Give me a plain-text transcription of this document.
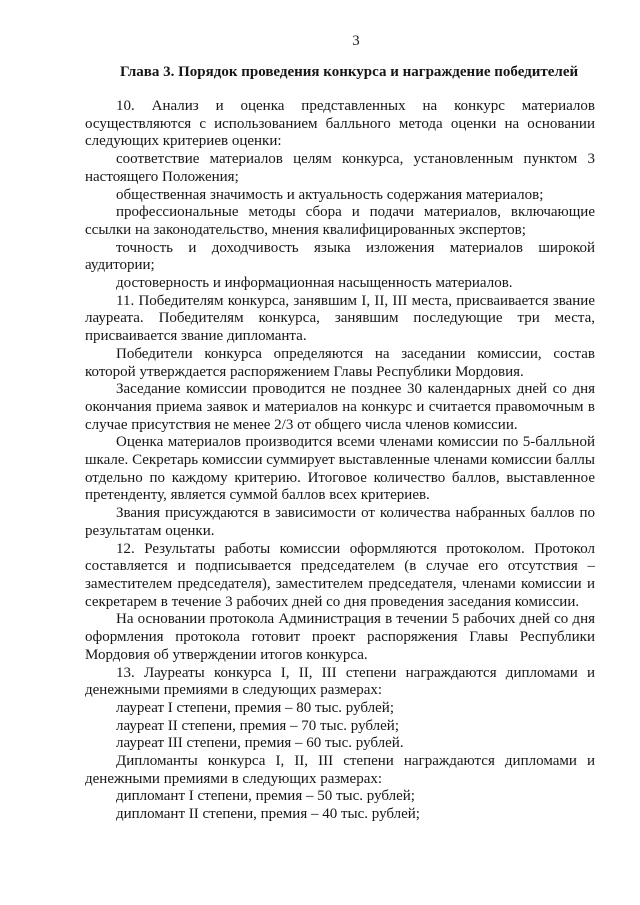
3
Глава 3. Порядок проведения конкурса и награждение победителей

10. Анализ и оценка представленных на конкурс материалов осуществляются с использованием балльного метода оценки на основании следующих критериев оценки:

соответствие материалов целям конкурса, установленным пунктом 3 настоящего Положения;

общественная значимость и актуальность содержания материалов;

профессиональные методы сбора и подачи материалов, включающие ссылки на законодательство, мнения квалифицированных экспертов;

точность и доходчивость языка изложения материалов широкой аудитории;

достоверность и информационная насыщенность материалов.

11. Победителям конкурса, занявшим I, II, III места, присваивается звание лауреата. Победителям конкурса, занявшим последующие три места, присваивается звание дипломанта.

Победители конкурса определяются на заседании комиссии, состав которой утверждается распоряжением Главы Республики Мордовия.

Заседание комиссии проводится не позднее 30 календарных дней со дня окончания приема заявок и материалов на конкурс и считается правомочным в случае присутствия не менее 2/3 от общего числа членов комиссии.

Оценка материалов производится всеми членами комиссии по 5-балльной шкале. Секретарь комиссии суммирует выставленные членами комиссии баллы отдельно по каждому критерию. Итоговое количество баллов, выставленное претенденту, является суммой баллов всех критериев.

Звания присуждаются в зависимости от количества набранных баллов по результатам оценки.

12. Результаты работы комиссии оформляются протоколом. Протокол составляется и подписывается председателем (в случае его отсутствия – заместителем председателя), заместителем председателя, членами комиссии и секретарем в течение 3 рабочих дней со дня проведения заседания комиссии.

На основании протокола Администрация в течении 5 рабочих дней со дня оформления протокола готовит проект распоряжения Главы Республики Мордовия об утверждении итогов конкурса.

13. Лауреаты конкурса I, II, III степени награждаются дипломами и денежными премиями в следующих размерах:

лауреат I степени, премия – 80 тыс. рублей;

лауреат II степени, премия – 70 тыс. рублей;

лауреат III степени, премия – 60 тыс. рублей.

Дипломанты конкурса I, II, III степени награждаются дипломами и денежными премиями в следующих размерах:

дипломант I степени, премия – 50 тыс. рублей;

дипломант II степени, премия – 40 тыс. рублей;
